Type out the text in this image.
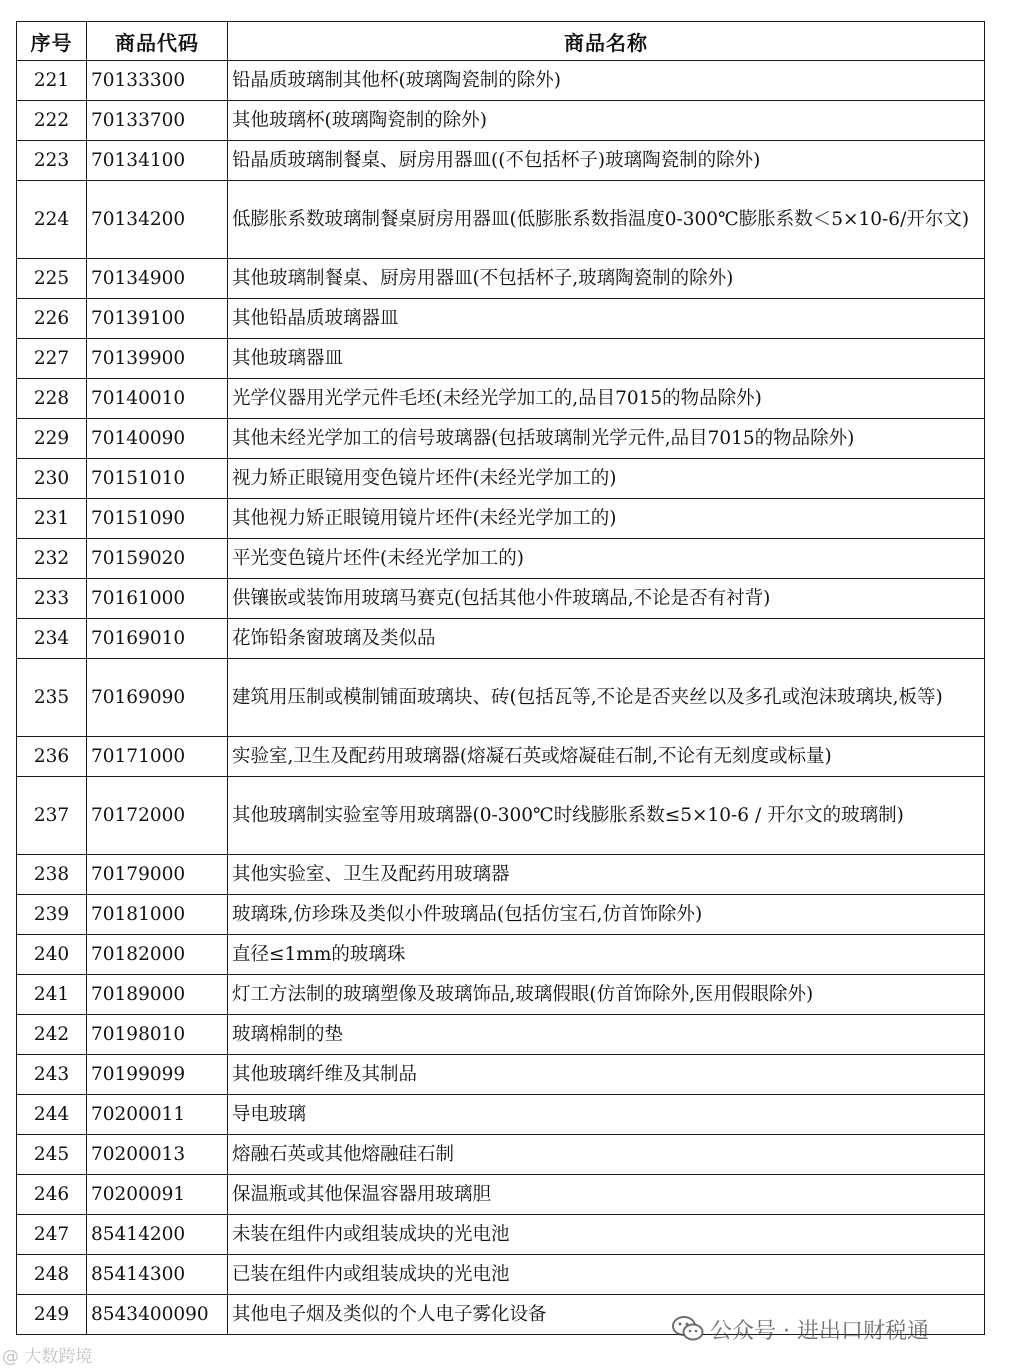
序号	商品代码	商品名称
221	70133300	铅晶质玻璃制其他杯(玻璃陶瓷制的除外)
222	70133700	其他玻璃杯(玻璃陶瓷制的除外)
223	70134100	铅晶质玻璃制餐桌、厨房用器皿((不包括杯子)玻璃陶瓷制的除外)
224	70134200	低膨胀系数玻璃制餐桌厨房用器皿(低膨胀系数指温度0-300℃膨胀系数＜5×10-6/开尔文)
225	70134900	其他玻璃制餐桌、厨房用器皿(不包括杯子,玻璃陶瓷制的除外)
226	70139100	其他铅晶质玻璃器皿
227	70139900	其他玻璃器皿
228	70140010	光学仪器用光学元件毛坯(未经光学加工的,品目7015的物品除外)
229	70140090	其他未经光学加工的信号玻璃器(包括玻璃制光学元件,品目7015的物品除外)
230	70151010	视力矫正眼镜用变色镜片坯件(未经光学加工的)
231	70151090	其他视力矫正眼镜用镜片坯件(未经光学加工的)
232	70159020	平光变色镜片坯件(未经光学加工的)
233	70161000	供镶嵌或装饰用玻璃马赛克(包括其他小件玻璃品,不论是否有衬背)
234	70169010	花饰铅条窗玻璃及类似品
235	70169090	建筑用压制或模制铺面玻璃块、砖(包括瓦等,不论是否夹丝以及多孔或泡沫玻璃块,板等)
236	70171000	实验室,卫生及配药用玻璃器(熔凝石英或熔凝硅石制,不论有无刻度或标量)
237	70172000	其他玻璃制实验室等用玻璃器(0-300℃时线膨胀系数≤5×10-6 / 开尔文的玻璃制)
238	70179000	其他实验室、卫生及配药用玻璃器
239	70181000	玻璃珠,仿珍珠及类似小件玻璃品(包括仿宝石,仿首饰除外)
240	70182000	直径≤1mm的玻璃珠
241	70189000	灯工方法制的玻璃塑像及玻璃饰品,玻璃假眼(仿首饰除外,医用假眼除外)
242	70198010	玻璃棉制的垫
243	70199099	其他玻璃纤维及其制品
244	70200011	导电玻璃
245	70200013	熔融石英或其他熔融硅石制
246	70200091	保温瓶或其他保温容器用玻璃胆
247	85414200	未装在组件内或组装成块的光电池
248	85414300	已装在组件内或组装成块的光电池
249	8543400090	其他电子烟及类似的个人电子雾化设备
公众号 · 进出口财税通
@ 大数跨境
